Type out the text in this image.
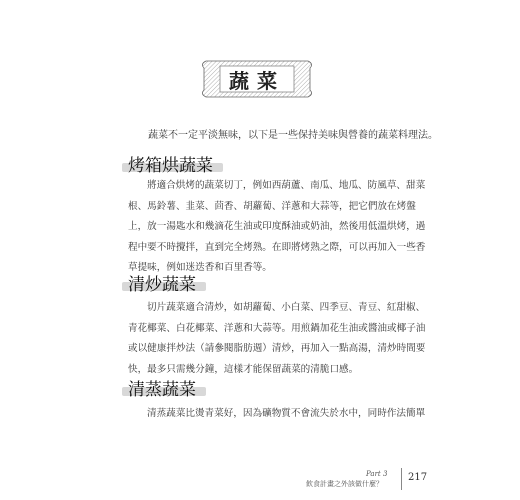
蔬菜
蔬菜不一定平淡無味，以下是一些保持美味與營養的蔬菜料理法。
烤箱烘蔬菜
將適合烘烤的蔬菜切丁，例如西葫蘆、南瓜、地瓜、防風草、甜菜
根、馬鈴薯、韭菜、茴香、胡蘿蔔、洋蔥和大蒜等，把它們放在烤盤
上，放一湯匙水和幾滴花生油或印度酥油或奶油，然後用低溫烘烤，過
程中要不時攪拌，直到完全烤熟。在即將烤熟之際，可以再加入一些香
草提味，例如迷迭香和百里香等。
清炒蔬菜
切片蔬菜適合清炒，如胡蘿蔔、小白菜、四季豆、青豆、紅甜椒、
青花椰菜、白花椰菜、洋蔥和大蒜等。用煎鍋加花生油或醬油或椰子油
或以健康拌炒法（請參閱脂肪週）清炒，再加入一點高湯，清炒時間要
快，最多只需幾分鐘，這樣才能保留蔬菜的清脆口感。
清蒸蔬菜
清蒸蔬菜比燙青菜好，因為礦物質不會流失於水中，同時作法簡單
Part 3
飲食計畫之外該做什麼？
217
